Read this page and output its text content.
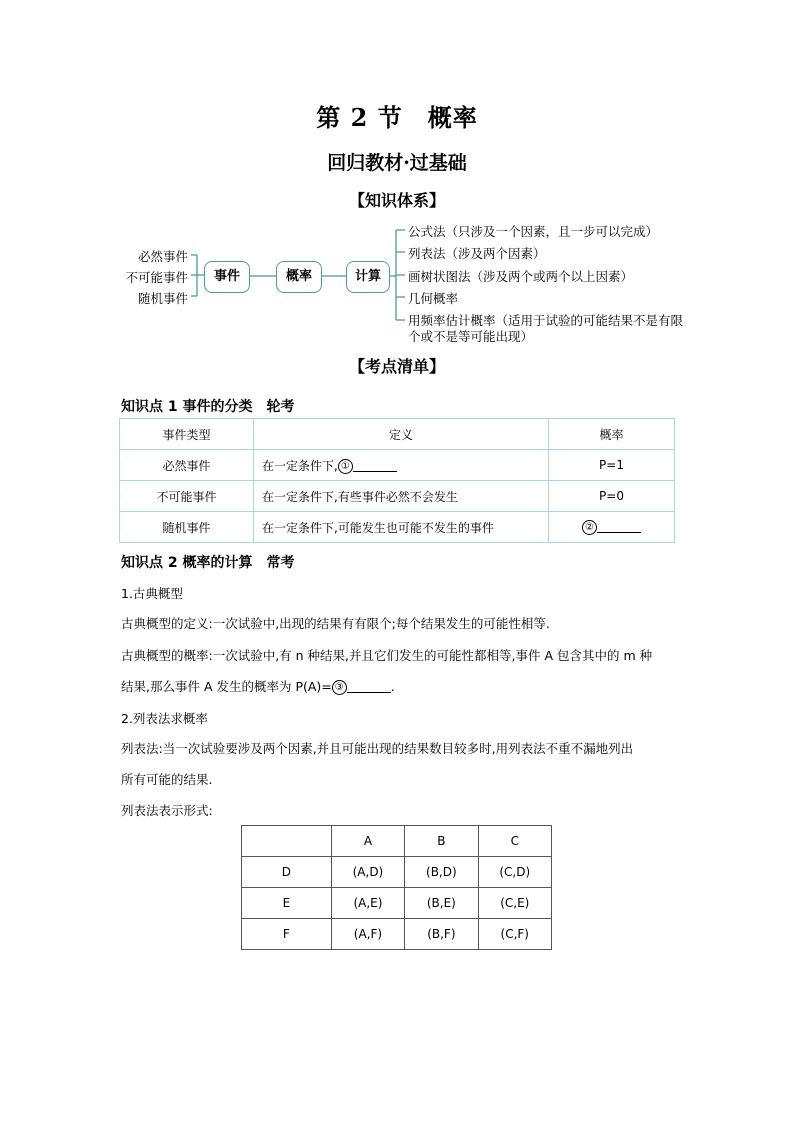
第 2 节　概率
回归教材·过基础
【知识体系】
必然事件
不可能事件
随机事件
事件	概率	计算
公式法（只涉及一个因素，且一步可以完成）
列表法（涉及两个因素）
画树状图法（涉及两个或两个以上因素）
几何概率
用频率估计概率（适用于试验的可能结果不是有限
个或不是等可能出现）
【考点清单】
知识点 1 事件的分类　轮考
事件类型	定义	概率
必然事件	在一定条件下, ①	P=1
不可能事件	在一定条件下,有些事件必然不会发生	P=0
随机事件	在一定条件下,可能发生也可能不发生的事件	②
知识点 2 概率的计算　常考
1.古典概型
古典概型的定义:一次试验中,出现的结果有有限个;每个结果发生的可能性相等.
古典概型的概率:一次试验中,有 n 种结果,并且它们发生的可能性都相等,事件 A 包含其中的 m 种
结果,那么事件 A 发生的概率为 P(A)= ③	.
2.列表法求概率
列表法:当一次试验要涉及两个因素,并且可能出现的结果数目较多时,用列表法不重不漏地列出
所有可能的结果.
列表法表示形式:
	A	B	C
D	(A,D)	(B,D)	(C,D)
E	(A,E)	(B,E)	(C,E)
F	(A,F)	(B,F)	(C,F)
